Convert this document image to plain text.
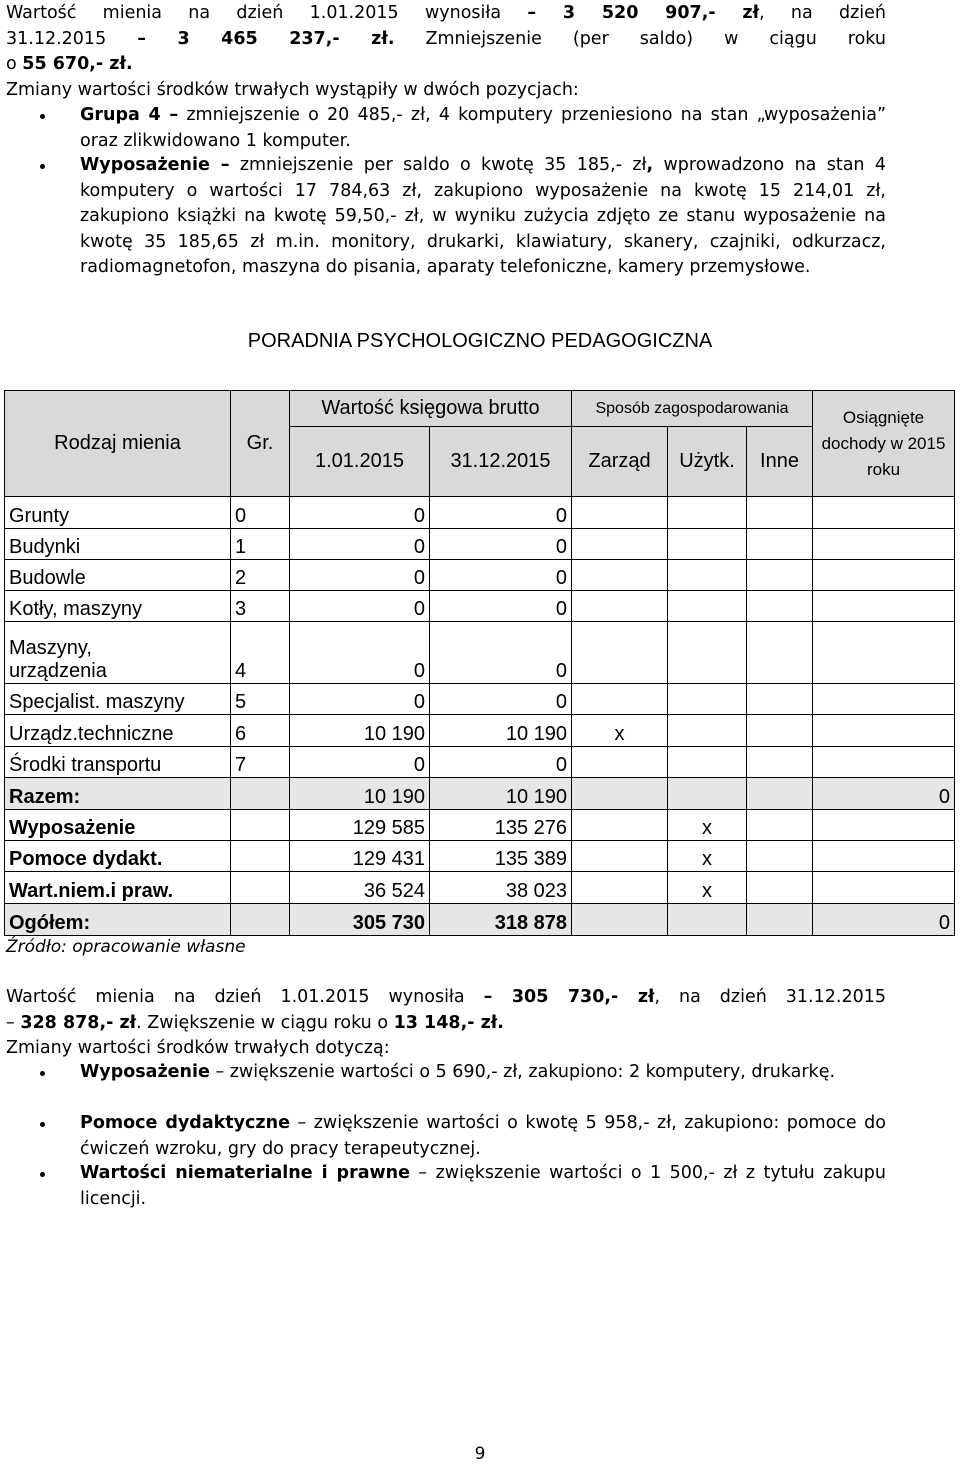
Wartość mienia na dzień 1.01.2015 wynosiła – 3 520 907,- zł, na dzień
31.12.2015 – 3 465 237,- zł. Zmniejszenie (per saldo) w ciągu roku
o 55 670,- zł.
Zmiany wartości środków trwałych wystąpiły w dwóch pozycjach:
Grupa 4 – zmniejszenie o 20 485,- zł, 4 komputery przeniesiono na stan „wyposażenia” oraz zlikwidowano 1 komputer.
Wyposażenie – zmniejszenie per saldo o kwotę 35 185,- zł, wprowadzono na stan 4 komputery o wartości 17 784,63 zł, zakupiono wyposażenie na kwotę 15 214,01 zł, zakupiono książki na kwotę 59,50,- zł, w wyniku zużycia zdjęto ze stanu wyposażenie na kwotę 35 185,65 zł m.in. monitory, drukarki, klawiatury, skanery, czajniki, odkurzacz, radiomagnetofon, maszyna do pisania, aparaty telefoniczne, kamery przemysłowe.
PORADNIA PSYCHOLOGICZNO PEDAGOGICZNA
Rodzaj mienia	Gr.	Wartość księgowa brutto		Sposób zagospodarowania			Osiągnięte dochody w 2015 roku
		1.01.2015	31.12.2015	Zarząd	Użytk.	Inne	
Grunty	0	0	0				
Budynki	1	0	0				
Budowle	2	0	0				
Kotły, maszyny	3	0	0				

Maszyny,
urządzenia	4	0	0				
Specjalist. maszyny	5	0	0				
Urządz.techniczne	6	10 190	10 190	x			
Środki transportu	7	0	0				
Razem:		10 190	10 190				0
Wyposażenie		129 585	135 276		x		
Pomoce dydakt.		129 431	135 389		x		
Wart.niem.i praw.		36 524	38 023		x		
Ogółem:		305 730	318 878				0
Źródło: opracowanie własne
Wartość mienia na dzień 1.01.2015 wynosiła – 305 730,- zł, na dzień 31.12.2015
– 328 878,- zł. Zwiększenie w ciągu roku o 13 148,- zł.
Zmiany wartości środków trwałych dotyczą:
Wyposażenie – zwiększenie wartości o 5 690,- zł, zakupiono: 2 komputery, drukarkę.
Pomoce dydaktyczne – zwiększenie wartości o kwotę 5 958,- zł, zakupiono: pomoce do ćwiczeń wzroku, gry do pracy terapeutycznej.
Wartości niematerialne i prawne – zwiększenie wartości o 1 500,- zł z tytułu zakupu licencji.
9
